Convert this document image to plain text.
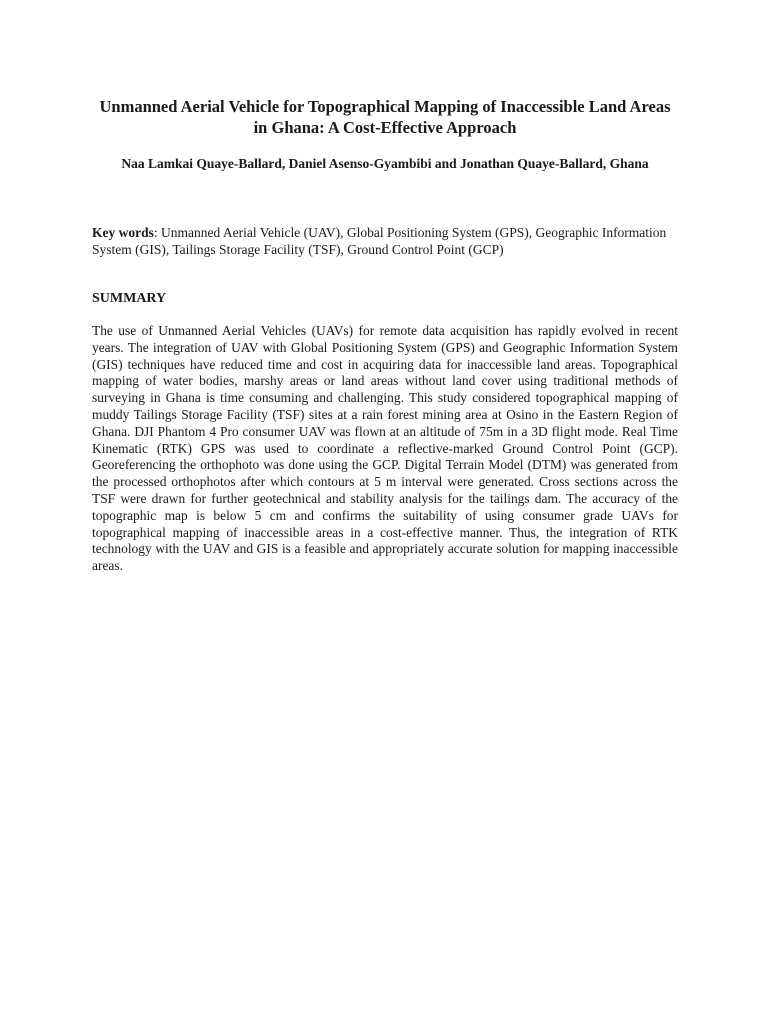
Unmanned Aerial Vehicle for Topographical Mapping of Inaccessible Land Areas in Ghana: A Cost-Effective Approach

Naa Lamkai Quaye-Ballard, Daniel Asenso-Gyambibi and Jonathan Quaye-Ballard, Ghana

Key words: Unmanned Aerial Vehicle (UAV), Global Positioning System (GPS), Geographic Information System (GIS), Tailings Storage Facility (TSF), Ground Control Point (GCP)

SUMMARY

The use of Unmanned Aerial Vehicles (UAVs) for remote data acquisition has rapidly evolved in recent years. The integration of UAV with Global Positioning System (GPS) and Geographic Information System (GIS) techniques have reduced time and cost in acquiring data for inaccessible land areas. Topographical mapping of water bodies, marshy areas or land areas without land cover using traditional methods of surveying in Ghana is time consuming and challenging. This study considered topographical mapping of muddy Tailings Storage Facility (TSF) sites at a rain forest mining area at Osino in the Eastern Region of Ghana. DJI Phantom 4 Pro consumer UAV was flown at an altitude of 75m in a 3D flight mode. Real Time Kinematic (RTK) GPS was used to coordinate a reflective-marked Ground Control Point (GCP). Georeferencing the orthophoto was done using the GCP. Digital Terrain Model (DTM) was generated from the processed orthophotos after which contours at 5 m interval were generated. Cross sections across the TSF were drawn for further geotechnical and stability analysis for the tailings dam. The accuracy of the topographic map is below 5 cm and confirms the suitability of using consumer grade UAVs for topographical mapping of inaccessible areas in a cost-effective manner. Thus, the integration of RTK technology with the UAV and GIS is a feasible and appropriately accurate solution for mapping inaccessible areas.
